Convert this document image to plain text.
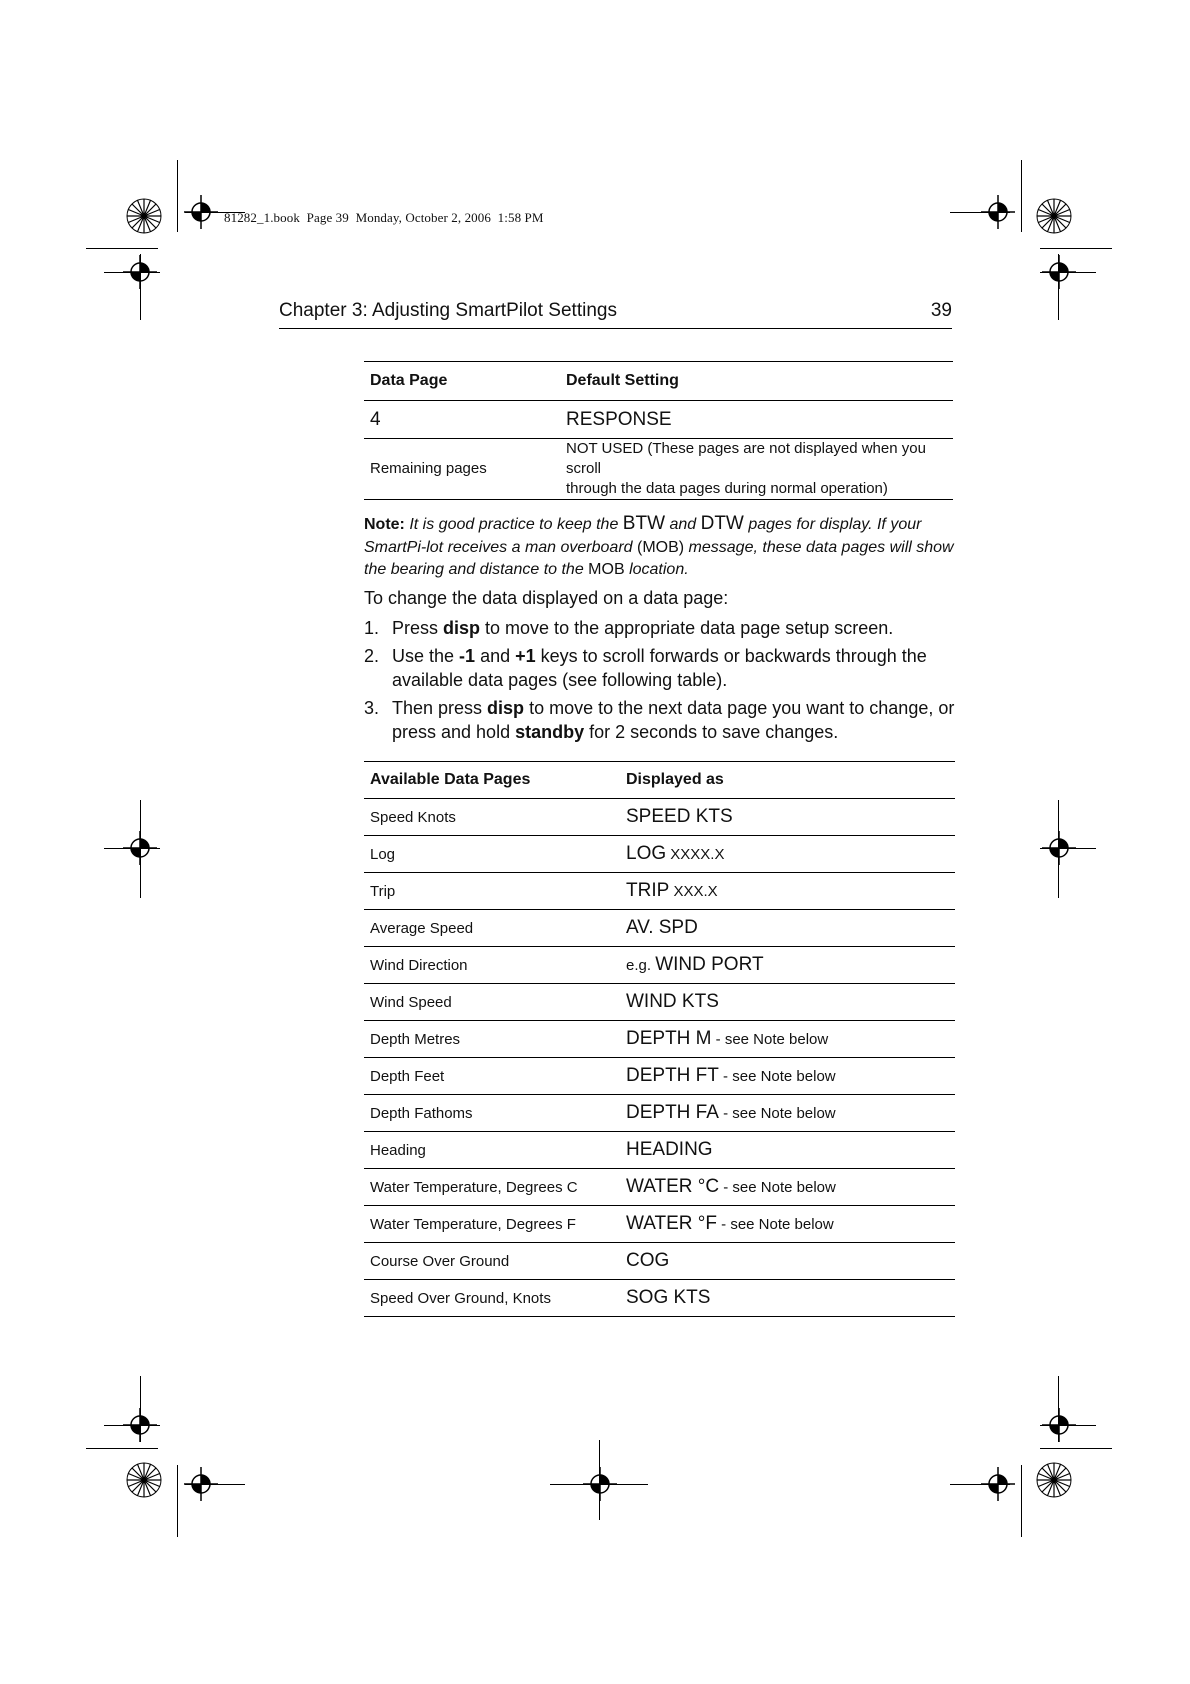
81282_1.book  Page 39  Monday, October 2, 2006  1:58 PM
Chapter 3: Adjusting SmartPilot Settings	39
Data Page	Default Setting
4	RESPONSE
Remaining pages	NOT USED (These pages are not displayed when you scroll
through the data pages during normal operation)
Note: It is good practice to keep the BTW and DTW pages for display. If your SmartPi-lot receives a man overboard (MOB) message, these data pages will show the bearing and distance to the MOB location.
To change the data displayed on a data page:
1. Press disp to move to the appropriate data page setup screen.
2. Use the -1 and +1 keys to scroll forwards or backwards through the available data pages (see following table).
3. Then press disp to move to the next data page you want to change, or press and hold standby for 2 seconds to save changes.
Available Data Pages	Displayed as
Speed Knots	SPEED KTS
Log	LOG XXXX.X
Trip	TRIP XXX.X
Average Speed	AV. SPD
Wind Direction	e.g. WIND PORT
Wind Speed	WIND KTS
Depth Metres	DEPTH M - see Note below
Depth Feet	DEPTH FT - see Note below
Depth Fathoms	DEPTH FA - see Note below
Heading	HEADING
Water Temperature, Degrees C	WATER °C - see Note below
Water Temperature, Degrees F	WATER °F - see Note below
Course Over Ground	COG
Speed Over Ground, Knots	SOG KTS
